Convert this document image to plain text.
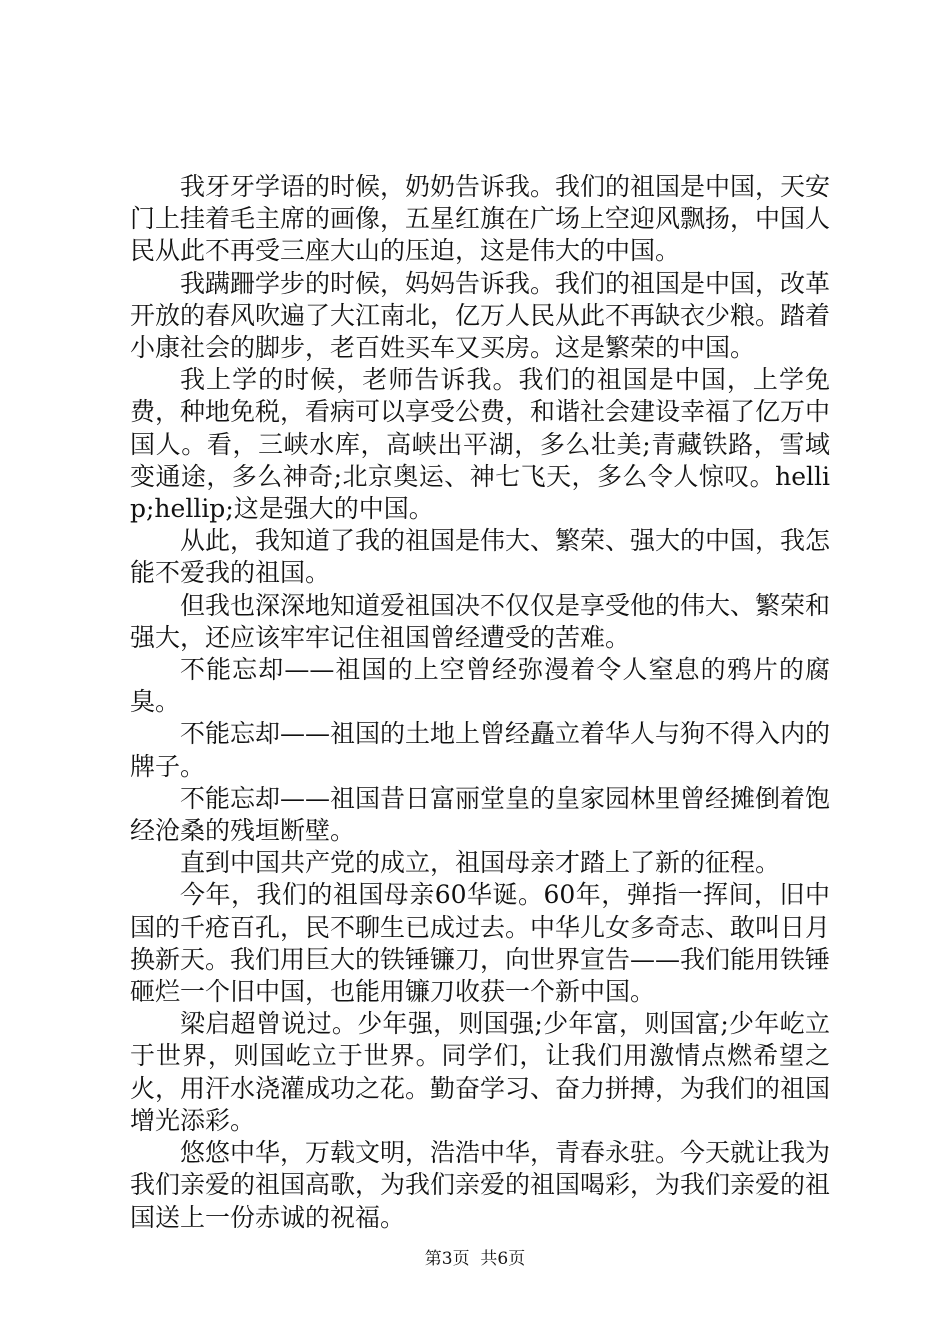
我牙牙学语的时候，奶奶告诉我。我们的祖国是中国，天安门上挂着毛主席的画像，五星红旗在广场上空迎风飘扬，中国人民从此不再受三座大山的压迫，这是伟大的中国。

我蹒跚学步的时候，妈妈告诉我。我们的祖国是中国，改革开放的春风吹遍了大江南北，亿万人民从此不再缺衣少粮。踏着小康社会的脚步，老百姓买车又买房。这是繁荣的中国。

我上学的时候，老师告诉我。我们的祖国是中国，上学免费，种地免税，看病可以享受公费，和谐社会建设幸福了亿万中国人。看，三峡水库，高峡出平湖，多么壮美;青藏铁路，雪域变通途，多么神奇;北京奥运、神七飞天，多么令人惊叹。hellip;hellip;这是强大的中国。

从此，我知道了我的祖国是伟大、繁荣、强大的中国，我怎能不爱我的祖国。

但我也深深地知道爱祖国决不仅仅是享受他的伟大、繁荣和强大，还应该牢牢记住祖国曾经遭受的苦难。

不能忘却——祖国的上空曾经弥漫着令人窒息的鸦片的腐臭。

不能忘却——祖国的土地上曾经矗立着华人与狗不得入内的牌子。

不能忘却——祖国昔日富丽堂皇的皇家园林里曾经摊倒着饱经沧桑的残垣断壁。

直到中国共产党的成立，祖国母亲才踏上了新的征程。

今年，我们的祖国母亲60华诞。60年，弹指一挥间，旧中国的千疮百孔，民不聊生已成过去。中华儿女多奇志、敢叫日月换新天。我们用巨大的铁锤镰刀，向世界宣告——我们能用铁锤砸烂一个旧中国，也能用镰刀收获一个新中国。

梁启超曾说过。少年强，则国强;少年富，则国富;少年屹立于世界，则国屹立于世界。同学们，让我们用激情点燃希望之火，用汗水浇灌成功之花。勤奋学习、奋力拼搏，为我们的祖国增光添彩。

悠悠中华，万载文明，浩浩中华，青春永驻。今天就让我为我们亲爱的祖国高歌，为我们亲爱的祖国喝彩，为我们亲爱的祖国送上一份赤诚的祝福。

第3页 共6页
